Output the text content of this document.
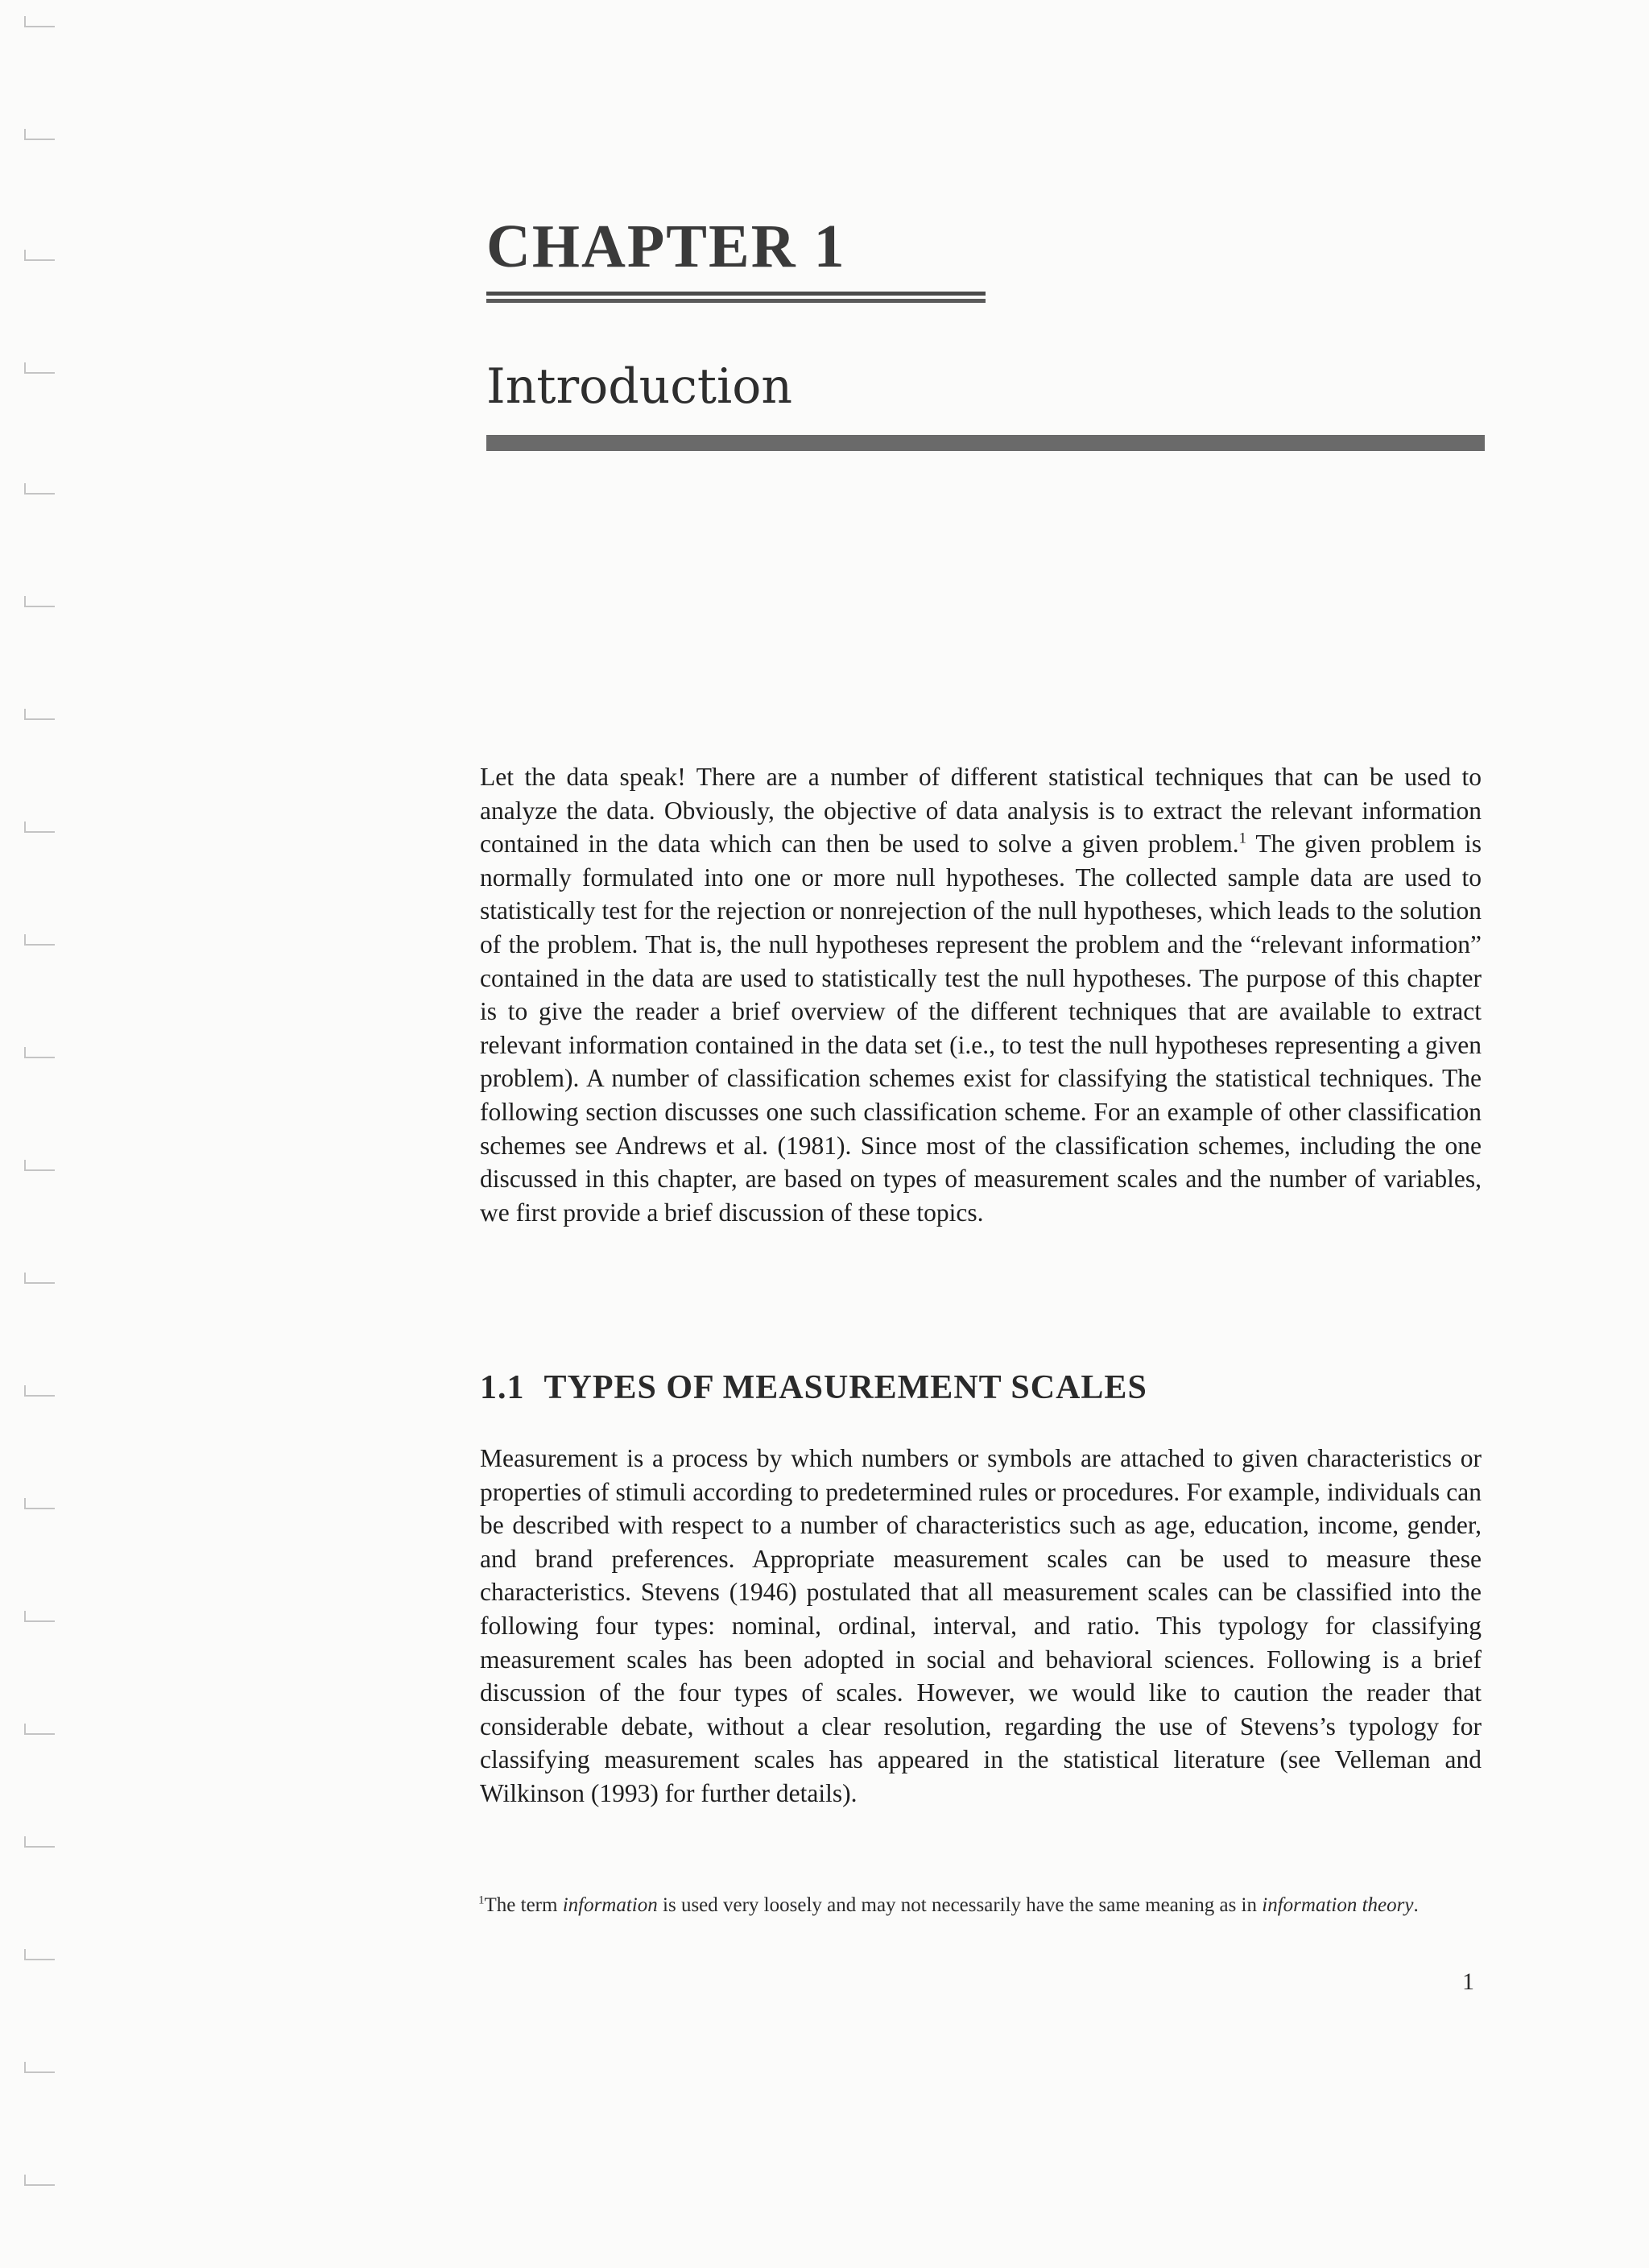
CHAPTER 1
Introduction

Let the data speak! There are a number of different statistical techniques that can be used to analyze the data. Obviously, the objective of data analysis is to extract the relevant information contained in the data which can then be used to solve a given problem.$^1$ The given problem is normally formulated into one or more null hypotheses. The collected sample data are used to statistically test for the rejection or nonrejection of the null hypotheses, which leads to the solution of the problem. That is, the null hypotheses represent the problem and the “relevant information” contained in the data are used to statistically test the null hypotheses. The purpose of this chapter is to give the reader a brief overview of the different techniques that are available to extract relevant information contained in the data set (i.e., to test the null hypotheses representing a given problem). A number of classification schemes exist for classifying the statistical techniques. The following section discusses one such classification scheme. For an example of other classification schemes see Andrews et al. (1981). Since most of the classification schemes, including the one discussed in this chapter, are based on types of measurement scales and the number of variables, we first provide a brief discussion of these topics.

1.1 TYPES OF MEASUREMENT SCALES

Measurement is a process by which numbers or symbols are attached to given characteristics or properties of stimuli according to predetermined rules or procedures. For example, individuals can be described with respect to a number of characteristics such as age, education, income, gender, and brand preferences. Appropriate measurement scales can be used to measure these characteristics. Stevens (1946) postulated that all measurement scales can be classified into the following four types: nominal, ordinal, interval, and ratio. This typology for classifying measurement scales has been adopted in social and behavioral sciences. Following is a brief discussion of the four types of scales. However, we would like to caution the reader that considerable debate, without a clear resolution, regarding the use of Stevens’s typology for classifying measurement scales has appeared in the statistical literature (see Velleman and Wilkinson (1993) for further details).

$^1$The term information is used very loosely and may not necessarily have the same meaning as in information theory.

1
